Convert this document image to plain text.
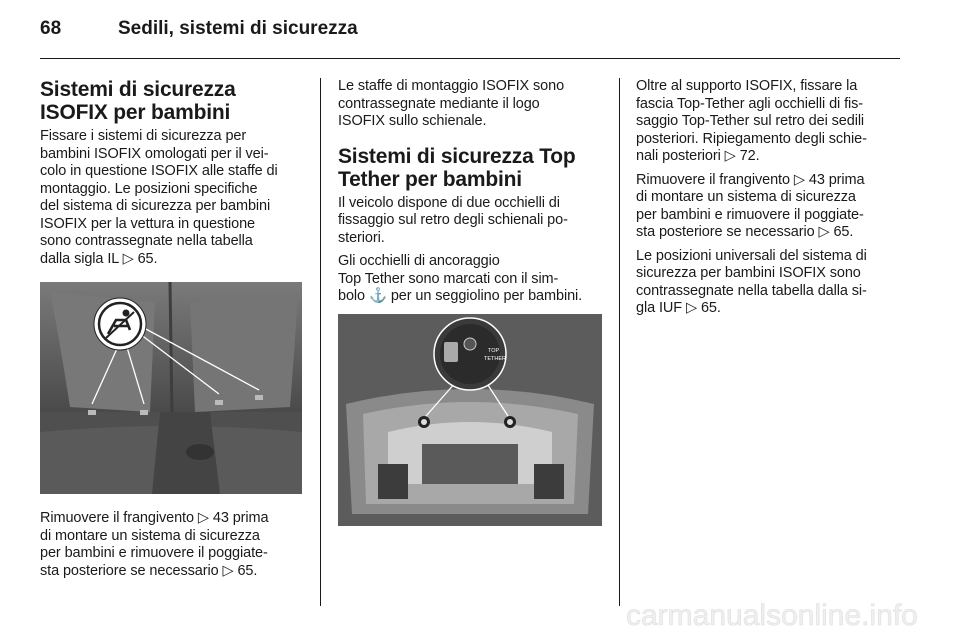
68	Sedili, sistemi di sicurezza
Sistemi di sicurezza
ISOFIX per bambini

Fissare i sistemi di sicurezza per
bambini ISOFIX omologati per il vei-
colo in questione ISOFIX alle staffe di
montaggio. Le posizioni specifiche
del sistema di sicurezza per bambini
ISOFIX per la vettura in questione
sono contrassegnate nella tabella
dalla sigla IL ▷ 65.

Rimuovere il frangivento ▷ 43 prima
di montare un sistema di sicurezza
per bambini e rimuovere il poggiate-
sta posteriore se necessario ▷ 65.

Le staffe di montaggio ISOFIX sono
contrassegnate mediante il logo
ISOFIX sullo schienale.

Sistemi di sicurezza Top
Tether per bambini

Il veicolo dispone di due occhielli di
fissaggio sul retro degli schienali po-
steriori.

Gli occhielli di ancoraggio
Top Tether sono marcati con il sim-
bolo ⚓ per un seggiolino per bambini.

TOP
TETHER

Oltre al supporto ISOFIX, fissare la
fascia Top-Tether agli occhielli di fis-
saggio Top-Tether sul retro dei sedili
posteriori. Ripiegamento degli schie-
nali posteriori ▷ 72.

Rimuovere il frangivento ▷ 43 prima
di montare un sistema di sicurezza
per bambini e rimuovere il poggiate-
sta posteriore se necessario ▷ 65.

Le posizioni universali del sistema di
sicurezza per bambini ISOFIX sono
contrassegnate nella tabella dalla si-
gla IUF ▷ 65.

carmanualsonline.info
